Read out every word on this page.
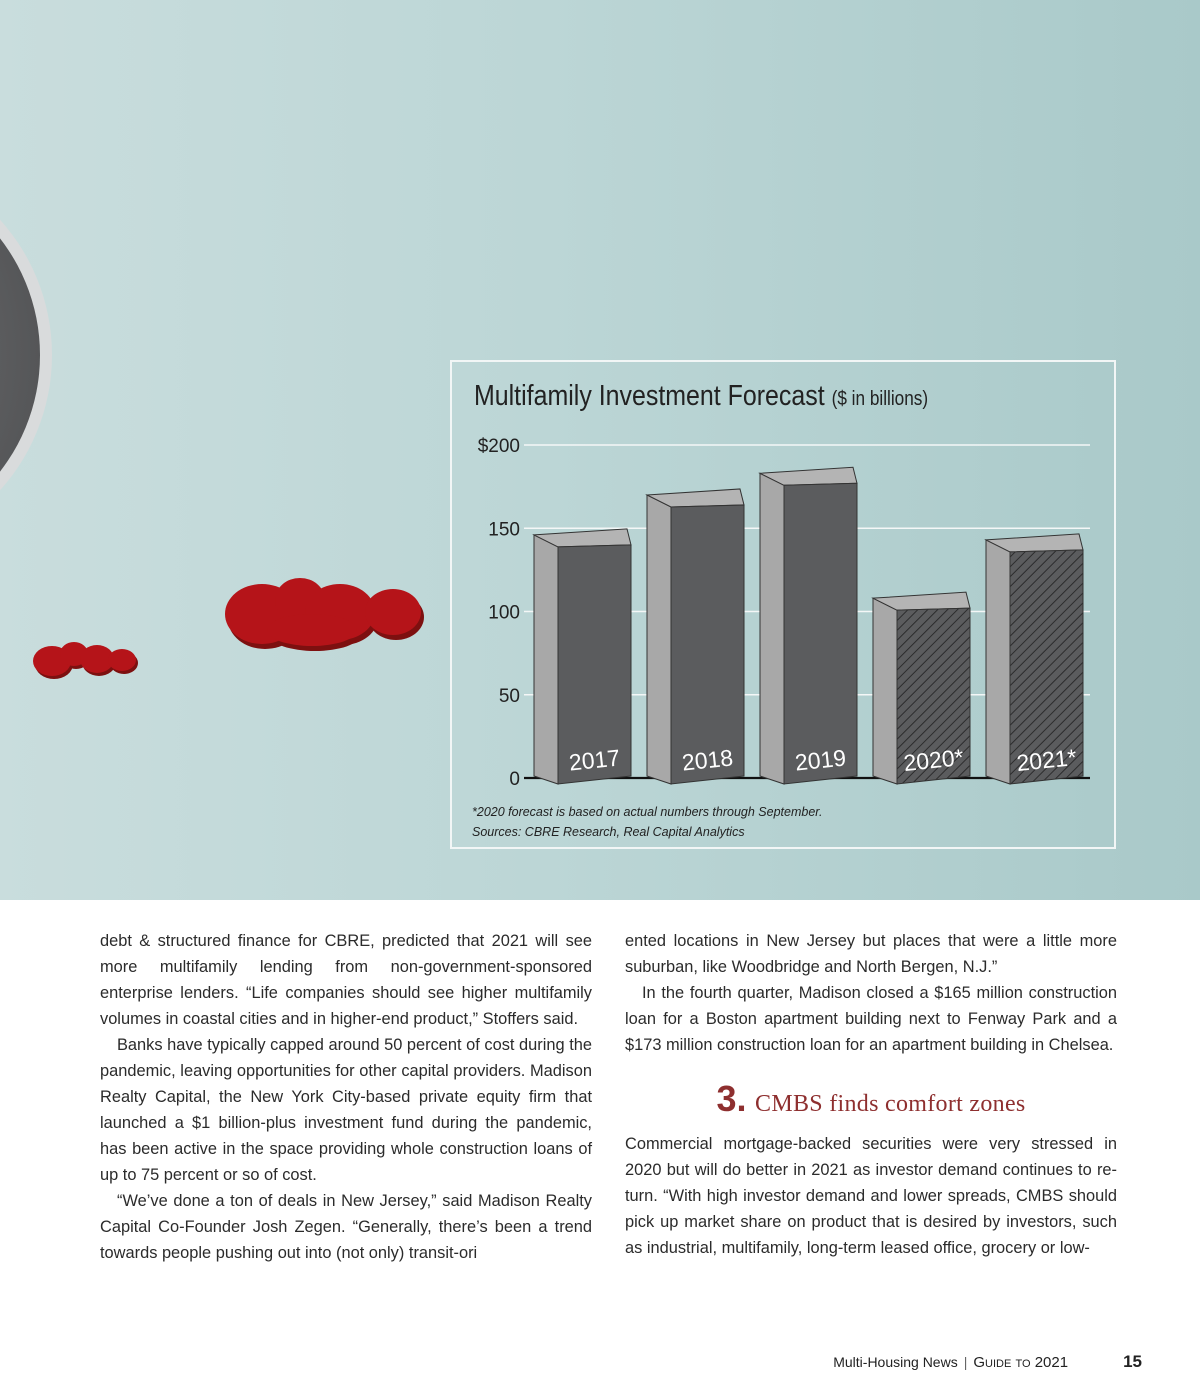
0
50
100
150
$200
2017	2018	2019 2020* 2021*
Multifamily Investment Forecast ($ in billions)
*2020 forecast is based on actual numbers through September.
Sources: CBRE Research, Real Capital Analytics

debt & structured finance for CBRE, predicted that 2021 will see more multifamily lending from non-government-sponsored enterprise lenders. “Life companies should see higher multifamily volumes in coastal cities and in higher-end product,” Stoffers said.

Banks have typically capped around 50 percent of cost during the pandemic, leaving opportunities for other capital providers. Madison Realty Capital, the New York City-based private equity firm that launched a $1 billion-plus investment fund during the pandemic, has been active in the space providing whole construction loans of up to 75 percent or so of cost.

“We’ve done a ton of deals in New Jersey,” said Madison Realty Capital Co-Founder Josh Zegen. “Generally, there’s been a trend towards people pushing out into (not only) transit-ori

ented locations in New Jersey but places that were a little more suburban, like Woodbridge and North Bergen, N.J.”

In the fourth quarter, Madison closed a $165 million construction loan for a Boston apartment building next to Fenway Park and a $173 million construction loan for an apartment building in Chelsea.

3. CMBS finds comfort zones

Commercial mortgage-backed securities were very stressed in 2020 but will do better in 2021 as investor demand continues to return. “With high investor demand and lower spreads, CMBS should pick up market share on product that is desired by investors, such as industrial, multifamily, long-term leased office, grocery or low-

Multi-Housing News | Guide to 2021	15
